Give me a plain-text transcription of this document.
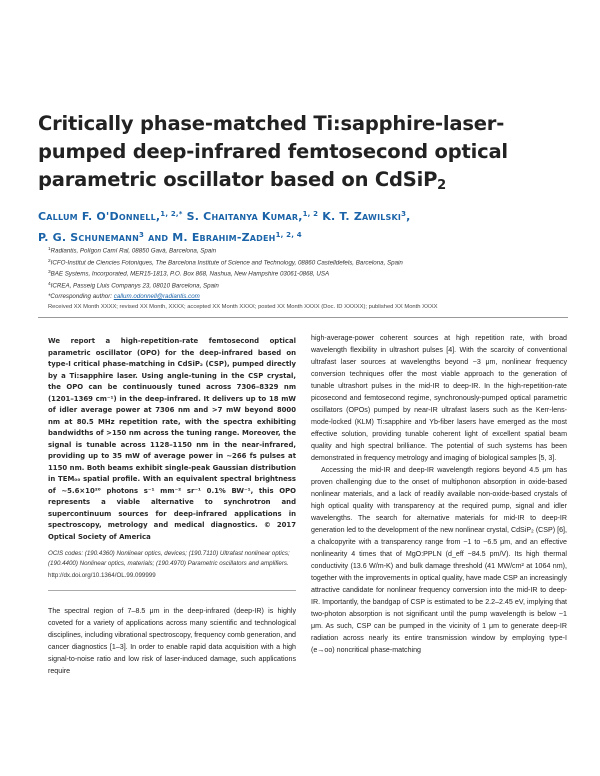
Critically phase-matched Ti:sapphire-laser-pumped deep-infrared femtosecond optical parametric oscillator based on CdSiP$_2$
Callum F. O'Donnell,$^{1, 2,*}$ S. Chaitanya Kumar,$^{1, 2}$ K. T. Zawilski$^3$,
P. G. Schunemann$^3$ and M. Ebrahim-Zadeh$^{1, 2, 4}$
$^1$Radiantis, Polígon Camí Ral, 08850 Gavà, Barcelona, Spain
$^2$ICFO-Institut de Ciencies Fotoniques, The Barcelona Institute of Science and Technology, 08860 Castelldefels, Barcelona, Spain
$^3$BAE Systems, Incorporated, MER15-1813, P.O. Box 868, Nashua, New Hampshire 03061-0868, USA
$^4$ICREA, Passeig Lluis Companys 23, 08010 Barcelona, Spain
*Corresponding author: callum.odonnell@radiantis.com
Received XX Month XXXX; revised XX Month, XXXX; accepted XX Month XXXX; posted XX Month XXXX (Doc. ID XXXXX); published XX Month XXXX

We report a high-repetition-rate femtosecond optical parametric oscillator (OPO) for the deep-infrared based on type-I critical phase-matching in CdSiP₂ (CSP), pumped directly by a Ti:sapphire laser. Using angle-tuning in the CSP crystal, the OPO can be continuously tuned across 7306–8329 nm (1201–1369 cm⁻¹) in the deep-infrared. It delivers up to 18 mW of idler average power at 7306 nm and >7 mW beyond 8000 nm at 80.5 MHz repetition rate, with the spectra exhibiting bandwidths of >150 nm across the tuning range. Moreover, the signal is tunable across 1128–1150 nm in the near-infrared, providing up to 35 mW of average power in ~266 fs pulses at 1150 nm. Both beams exhibit single-peak Gaussian distribution in TEM₀₀ spatial profile. With an equivalent spectral brightness of ~5.6×10²⁰ photons s⁻¹ mm⁻² sr⁻¹ 0.1% BW⁻¹, this OPO represents a viable alternative to synchrotron and supercontinuum sources for deep-infrared applications in spectroscopy, metrology and medical diagnostics. © 2017 Optical Society of America

OCIS codes: (190.4360) Nonlinear optics, devices; (190.7110) Ultrafast nonlinear optics; (190.4400) Nonlinear optics, materials; (190.4970) Parametric oscillators and amplifiers.

http://dx.doi.org/10.1364/OL.99.099999

The spectral region of 7–8.5 μm in the deep-infrared (deep-IR) is highly coveted for a variety of applications across many scientific and technological disciplines, including vibrational spectroscopy, frequency comb generation, and cancer diagnostics [1–3]. In order to enable rapid data acquisition with a high signal-to-noise ratio and low risk of laser-induced damage, such applications require

high-average-power coherent sources at high repetition rate, with broad wavelength flexibility in ultrashort pulses [4]. With the scarcity of conventional ultrafast laser sources at wavelengths beyond ~3 μm, nonlinear frequency conversion techniques offer the most viable approach to the generation of tunable ultrashort pulses in the mid-IR to deep-IR. In the high-repetition-rate picosecond and femtosecond regime, synchronously-pumped optical parametric oscillators (OPOs) pumped by near-IR ultrafast lasers such as the Kerr-lens-mode-locked (KLM) Ti:sapphire and Yb-fiber lasers have emerged as the most effective solution, providing tunable coherent light of excellent spatial beam quality and high spectral brilliance. The potential of such systems has been demonstrated in frequency metrology and imaging of biological samples [5, 3].

Accessing the mid-IR and deep-IR wavelength regions beyond 4.5 μm has proven challenging due to the onset of multiphonon absorption in oxide-based nonlinear materials, and a lack of readily available non-oxide-based crystals of high optical quality with transparency at the required pump, signal and idler wavelengths. The search for alternative materials for mid-IR to deep-IR generation led to the development of the new nonlinear crystal, CdSiP₂ (CSP) [6], a chalcopyrite with a transparency range from ~1 to ~6.5 μm, and an effective nonlinearity 4 times that of MgO:PPLN (d_eff ~84.5 pm/V). Its high thermal conductivity (13.6 W/m-K) and bulk damage threshold (41 MW/cm² at 1064 nm), together with the improvements in optical quality, have made CSP an increasingly attractive candidate for nonlinear frequency conversion into the mid-IR to deep-IR. Importantly, the bandgap of CSP is estimated to be 2.2–2.45 eV, implying that two-photon absorption is not significant until the pump wavelength is below ~1 μm. As such, CSP can be pumped in the vicinity of 1 μm to generate deep-IR radiation across nearly its entire transmission window by employing type-I (e→oo) noncritical phase-matching
